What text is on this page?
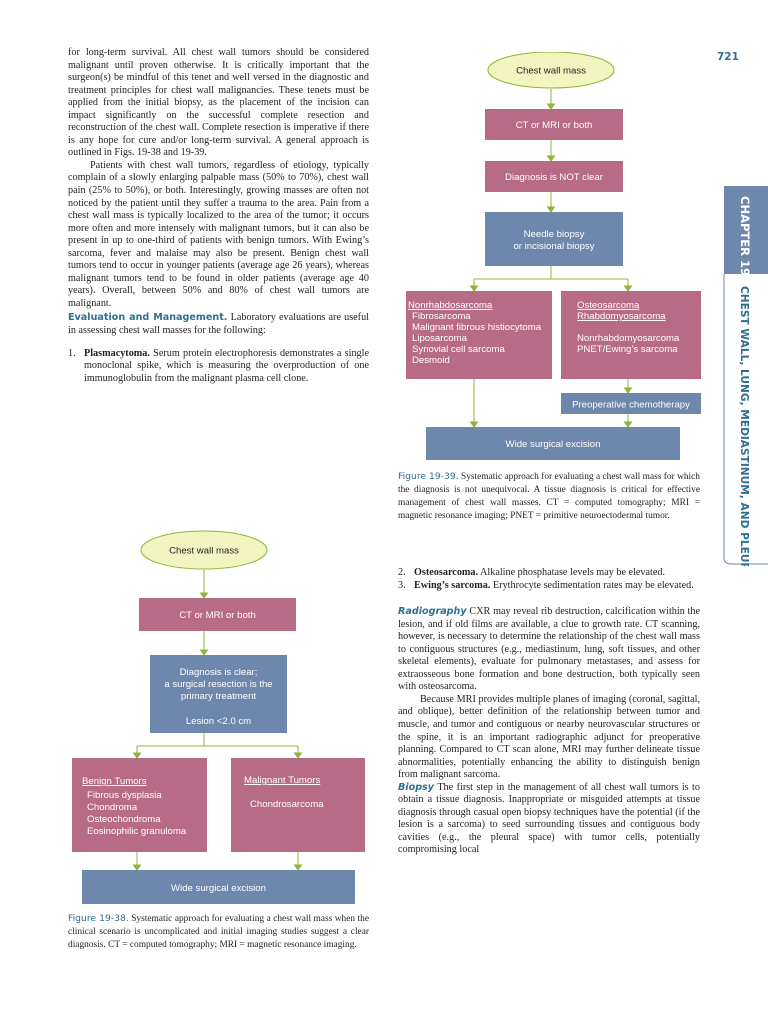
721
CHAPTER 19
CHEST WALL, LUNG, MEDIASTINUM, AND PLEURA

for long-term survival. All chest wall tumors should be considered malignant until proven otherwise. It is critically important that the surgeon(s) be mindful of this tenet and well versed in the diagnostic and treatment principles for chest wall malignancies. These tenets must be applied from the initial biopsy, as the placement of the incision can impact significantly on the successful complete resection and reconstruction of the chest wall. Complete resection is imperative if there is any hope for cure and/or long-term survival. A general approach is outlined in Figs. 19-38 and 19-39.

Patients with chest wall tumors, regardless of etiology, typically complain of a slowly enlarging palpable mass (50% to 70%), chest wall pain (25% to 50%), or both. Interestingly, growing masses are often not noticed by the patient until they suffer a trauma to the area. Pain from a chest wall mass is typically localized to the area of the tumor; it occurs more often and more intensely with malignant tumors, but it can also be present in up to one-third of patients with benign tumors. With Ewing’s sarcoma, fever and malaise may also be present. Benign chest wall tumors tend to occur in younger patients (average age 26 years), whereas malignant tumors tend to be found in older patients (average age 40 years). Overall, between 50% and 80% of chest wall tumors are malignant.

Evaluation and Management. Laboratory evaluations are useful in assessing chest wall masses for the following:

1. Plasmacytoma. Serum protein electrophoresis demonstrates a single monoclonal spike, which is measuring the overproduction of one immunoglobulin from the malignant plasma cell clone.
Chest wall mass
CT or MRI or both
Diagnosis is clear;
a surgical resection is the
primary treatment
Lesion <2.0 cm
Benign Tumors
Fibrous dysplasia
Chondroma
Osteochondroma
Eosinophilic granuloma
Malignant Tumors
Chondrosarcoma
Wide surgical excision
Figure 19-38. Systematic approach for evaluating a chest wall mass when the clinical scenario is uncomplicated and initial imaging studies suggest a clear diagnosis. CT = computed tomography; MRI = magnetic resonance imaging.
Chest wall mass
CT or MRI or both
Diagnosis is NOT clear
Needle biopsy
or incisional biopsy
Nonrhabdosarcoma
Fibrosarcoma
Malignant fibrous histiocytoma
Liposarcoma
Synovial cell sarcoma
Desmoid
Osteosarcoma
Rhabdomyosarcoma
Nonrhabdomyosarcoma
PNET/Ewing’s sarcoma
Preoperative chemotherapy
Wide surgical excision
Figure 19-39. Systematic approach for evaluating a chest wall mass for which the diagnosis is not unequivocal. A tissue diagnosis is critical for effective management of chest wall masses. CT = computed tomography; MRI = magnetic resonance imaging; PNET = primitive neuroectodermal tumor.
2. Osteosarcoma. Alkaline phosphatase levels may be elevated.
3. Ewing’s sarcoma. Erythrocyte sedimentation rates may be elevated.

Radiography CXR may reveal rib destruction, calcification within the lesion, and if old films are available, a clue to growth rate. CT scanning, however, is necessary to determine the relationship of the chest wall mass to contiguous structures (e.g., mediastinum, lung, soft tissues, and other skeletal elements), evaluate for pulmonary metastases, and assess for extraosseous bone formation and bone destruction, both typically seen with osteosarcoma.

Because MRI provides multiple planes of imaging (coronal, sagittal, and oblique), better definition of the relationship between tumor and muscle, and tumor and contiguous or nearby neurovascular structures or the spine, it is an important radiographic adjunct for preoperative planning. Compared to CT scan alone, MRI may further delineate tissue abnormalities, potentially enhancing the ability to distinguish benign from malignant sarcoma.

Biopsy The first step in the management of all chest wall tumors is to obtain a tissue diagnosis. Inappropriate or misguided attempts at tissue diagnosis through casual open biopsy techniques have the potential (if the lesion is a sarcoma) to seed surrounding tissues and contiguous body cavities (e.g., the pleural space) with tumor cells, potentially compromising local
